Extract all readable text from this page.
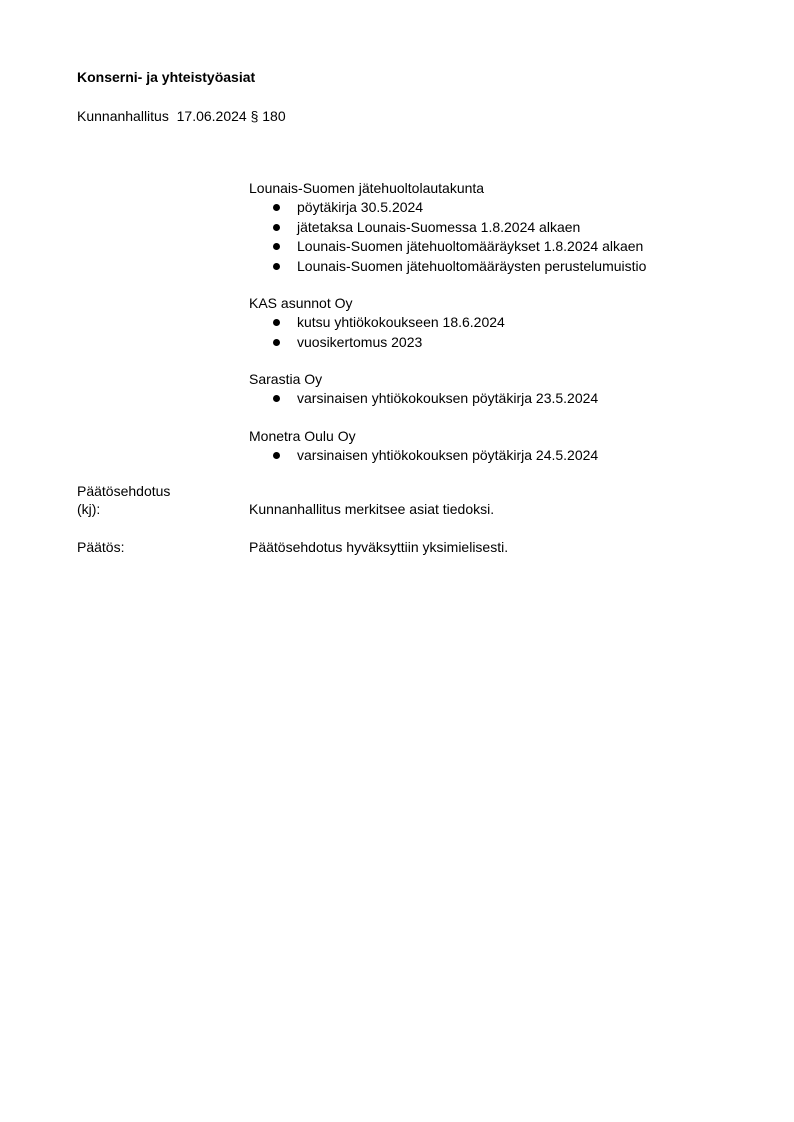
Konserni- ja yhteistyöasiat
Kunnanhallitus  17.06.2024 § 180
Lounais-Suomen jätehuoltolautakunta
pöytäkirja 30.5.2024
jätetaksa Lounais-Suomessa 1.8.2024 alkaen
Lounais-Suomen jätehuoltomääräykset 1.8.2024 alkaen
Lounais-Suomen jätehuoltomääräysten perustelumuistio
KAS asunnot Oy
kutsu yhtiökokoukseen 18.6.2024
vuosikertomus 2023
Sarastia Oy
varsinaisen yhtiökokouksen pöytäkirja 23.5.2024
Monetra Oulu Oy
varsinaisen yhtiökokouksen pöytäkirja 24.5.2024
Päätösehdotus
(kj):	Kunnanhallitus merkitsee asiat tiedoksi.
Päätös:	Päätösehdotus hyväksyttiin yksimielisesti.
